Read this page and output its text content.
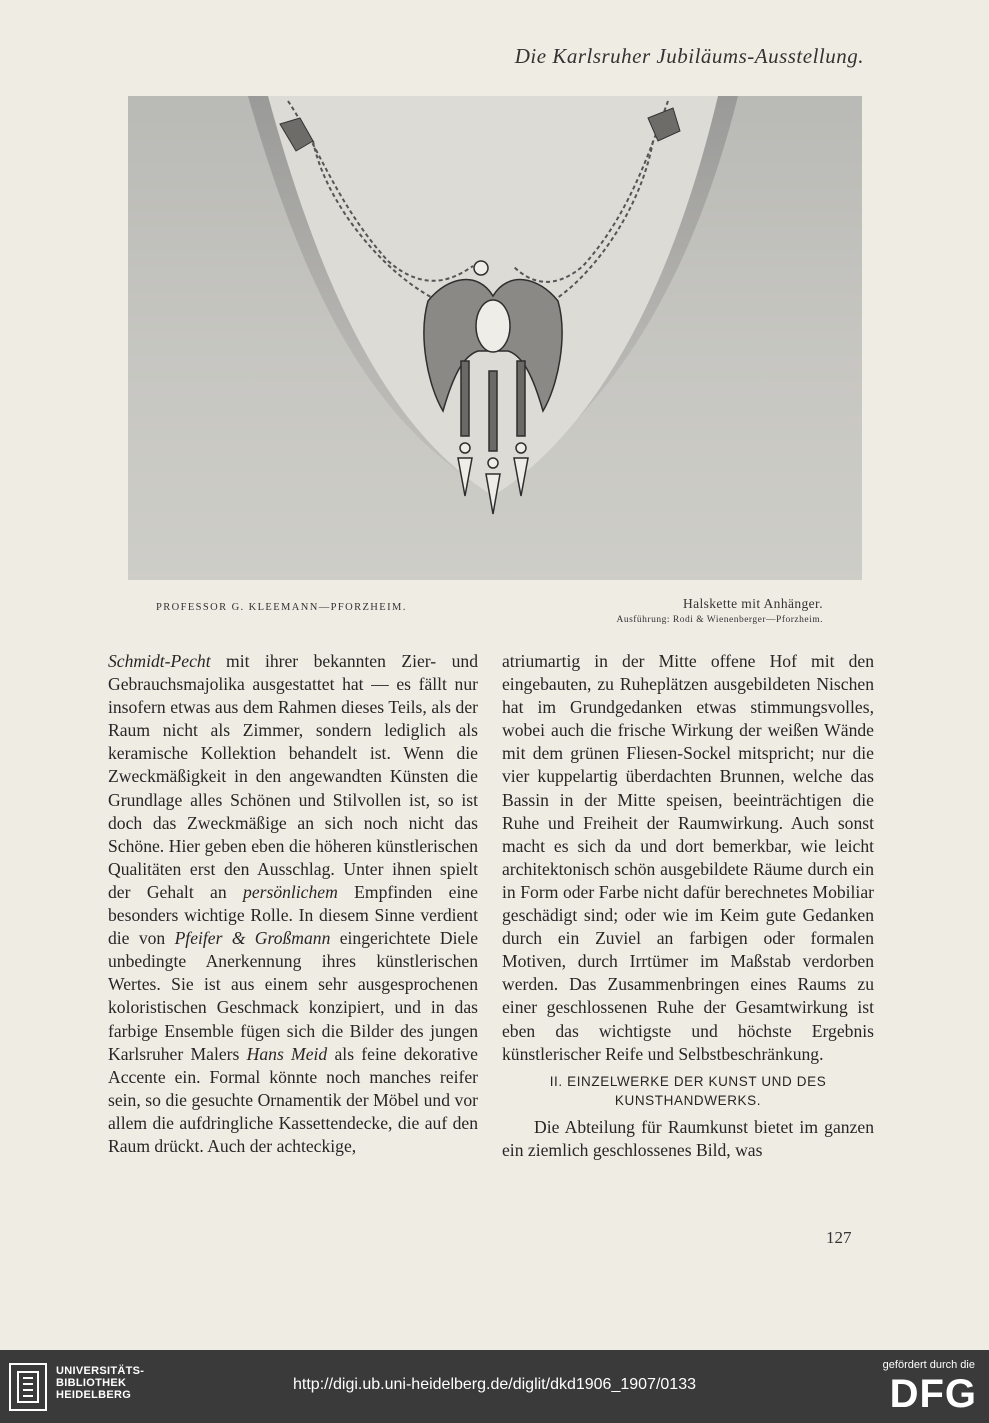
Die Karlsruher Jubiläums-Ausstellung.
PROFESSOR G. KLEEMANN—PFORZHEIM.	Halskette mit Anhänger.
Ausführung: Rodi & Wienenberger—Pforzheim.

Schmidt-Pecht mit ihrer bekannten Zier- und Gebrauchsmajolika ausgestattet hat — es fällt nur insofern etwas aus dem Rahmen dieses Teils, als der Raum nicht als Zimmer, sondern lediglich als keramische Kollektion behandelt ist. Wenn die Zweckmäßigkeit in den angewandten Künsten die Grundlage alles Schönen und Stilvollen ist, so ist doch das Zweckmäßige an sich noch nicht das Schöne. Hier geben eben die höheren künstlerischen Qualitäten erst den Ausschlag. Unter ihnen spielt der Gehalt an persönlichem Empfinden eine besonders wichtige Rolle. In diesem Sinne verdient die von Pfeifer & Großmann eingerichtete Diele unbedingte Anerkennung ihres künstlerischen Wertes. Sie ist aus einem sehr ausgesprochenen koloristischen Geschmack konzipiert, und in das farbige Ensemble fügen sich die Bilder des jungen Karlsruher Malers Hans Meid als feine dekorative Accente ein. Formal könnte noch manches reifer sein, so die gesuchte Ornamentik der Möbel und vor allem die aufdringliche Kassettendecke, die auf den Raum drückt. Auch der achteckige,

atriumartig in der Mitte offene Hof mit den eingebauten, zu Ruheplätzen ausgebildeten Nischen hat im Grundgedanken etwas stimmungsvolles, wobei auch die frische Wirkung der weißen Wände mit dem grünen Fliesen-Sockel mitspricht; nur die vier kuppelartig überdachten Brunnen, welche das Bassin in der Mitte speisen, beeinträchtigen die Ruhe und Freiheit der Raumwirkung. Auch sonst macht es sich da und dort bemerkbar, wie leicht architektonisch schön ausgebildete Räume durch ein in Form oder Farbe nicht dafür berechnetes Mobiliar geschädigt sind; oder wie im Keim gute Gedanken durch ein Zuviel an farbigen oder formalen Motiven, durch Irrtümer im Maßstab verdorben werden. Das Zusammenbringen eines Raums zu einer geschlossenen Ruhe der Gesamtwirkung ist eben das wichtigste und höchste Ergebnis künstlerischer Reife und Selbstbeschränkung.

II. EINZELWERKE DER KUNST UND DES
KUNSTHANDWERKS.

Die Abteilung für Raumkunst bietet im ganzen ein ziemlich geschlossenes Bild, was

127
UNIVERSITÄTS-
BIBLIOTHEK
HEIDELBERG
http://digi.ub.uni-heidelberg.de/diglit/dkd1906_1907/0133
gefördert durch die
DFG
